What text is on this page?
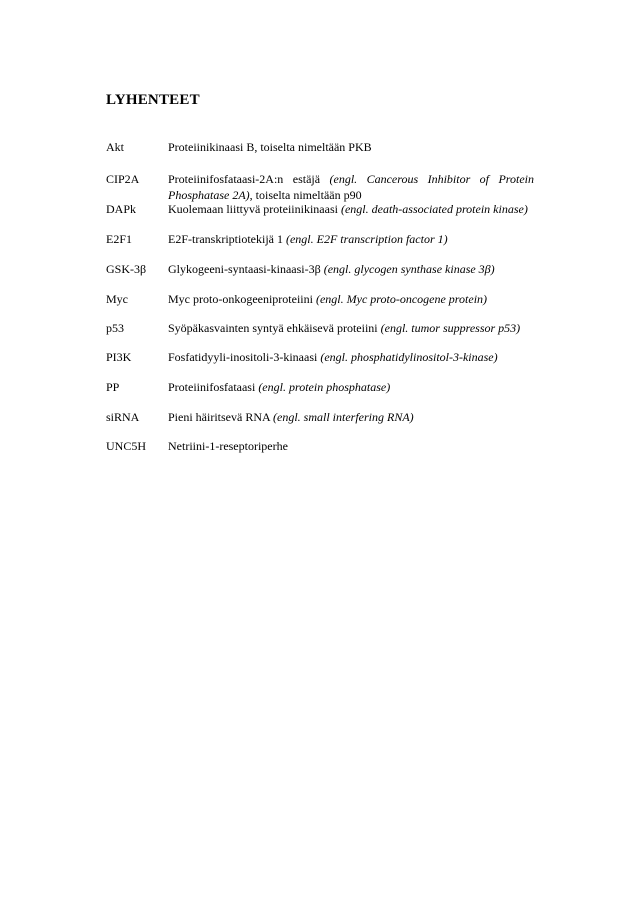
LYHENTEET
Akt	Proteiinikinaasi B, toiselta nimeltään PKB
CIP2A	Proteiinifosfataasi-2A:n estäjä (engl. Cancerous Inhibitor of Protein Phosphatase 2A), toiselta nimeltään p90
DAPk	Kuolemaan liittyvä proteiinikinaasi (engl. death-associated protein kinase)
E2F1	E2F-transkriptiotekijä 1 (engl. E2F transcription factor 1)
GSK-3β	Glykogeeni-syntaasi-kinaasi-3β (engl. glycogen synthase kinase 3β)
Myc	Myc proto-onkogeeniproteiini (engl. Myc proto-oncogene protein)
p53	Syöpäkasvainten syntyä ehkäisevä proteiini (engl. tumor suppressor p53)
PI3K	Fosfatidyyli-inositoli-3-kinaasi (engl. phosphatidylinositol-3-kinase)
PP	Proteiinifosfataasi (engl. protein phosphatase)
siRNA	Pieni häiritsevä RNA (engl. small interfering RNA)
UNC5H	Netriini-1-reseptoriperhe
